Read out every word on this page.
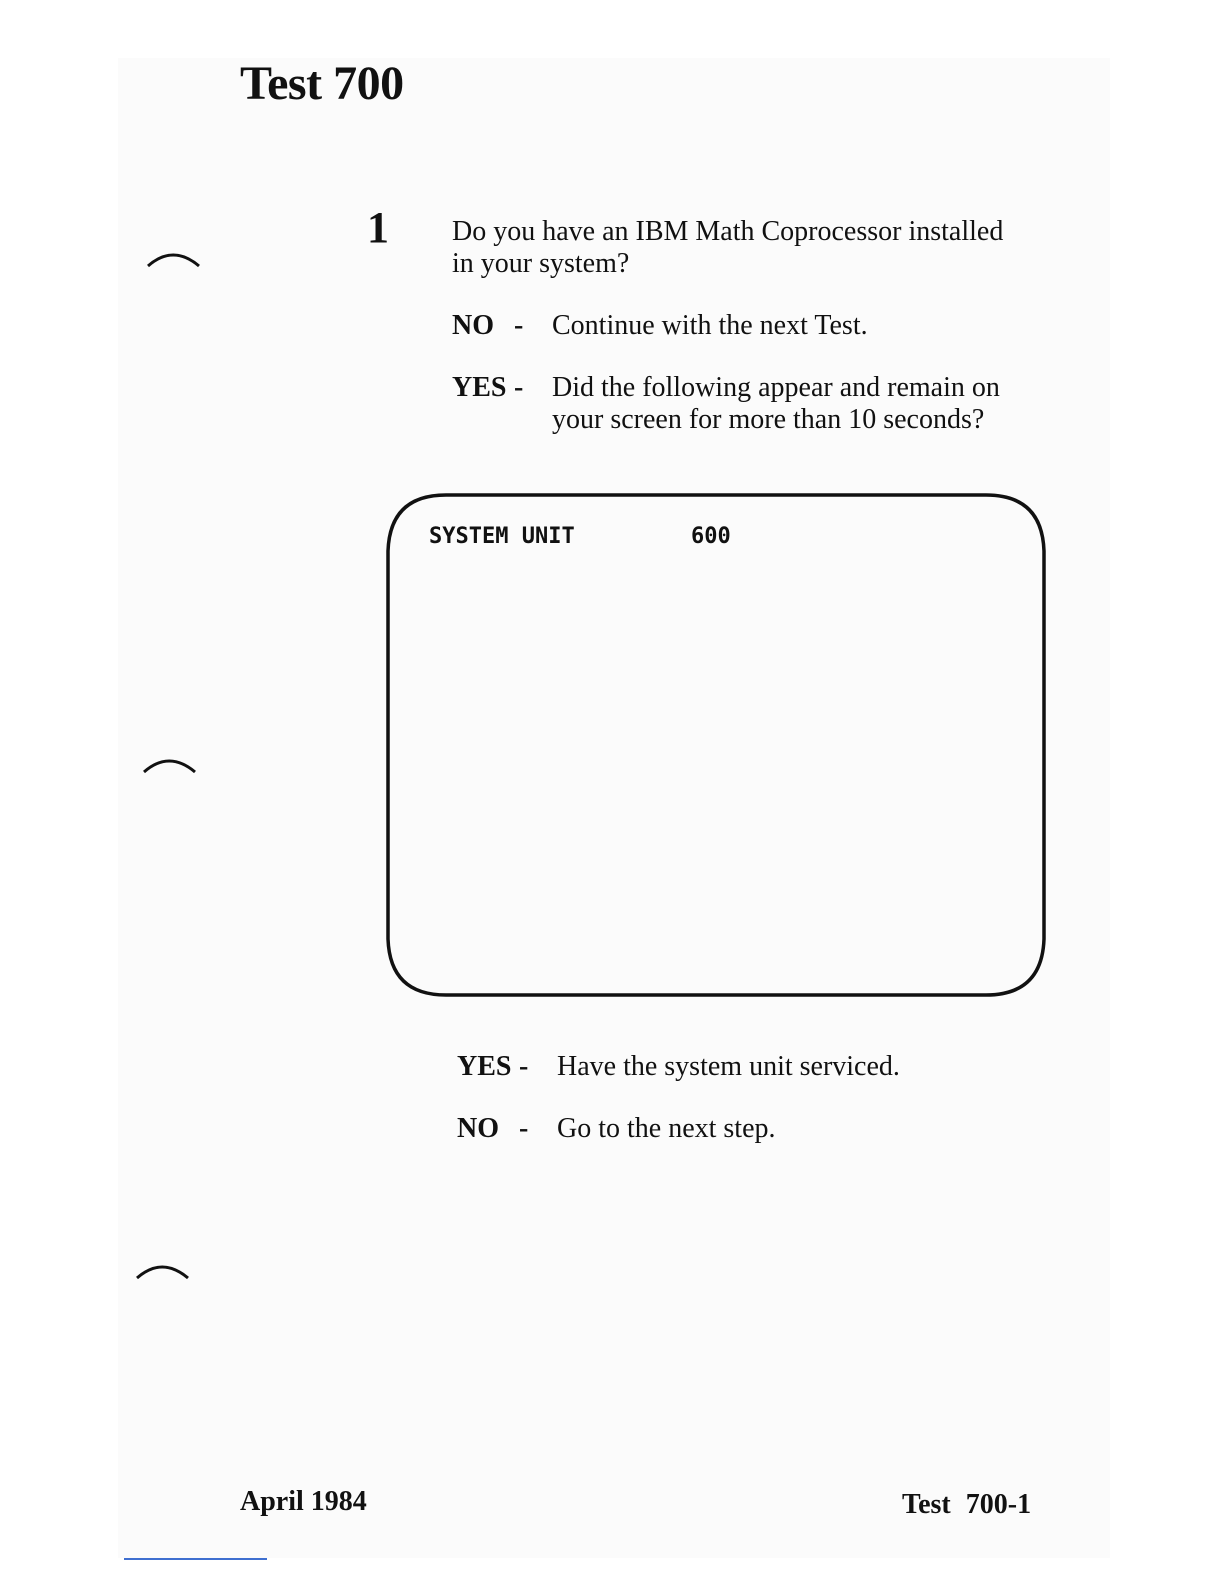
Test 700
1 Do you have an IBM Math Coprocessor installed in your system?
NO - Continue with the next Test.
YES - Did the following appear and remain on your screen for more than 10 seconds?
SYSTEM UNIT	600
YES - Have the system unit serviced.
NO - Go to the next step.
April 1984	Test 700-1
